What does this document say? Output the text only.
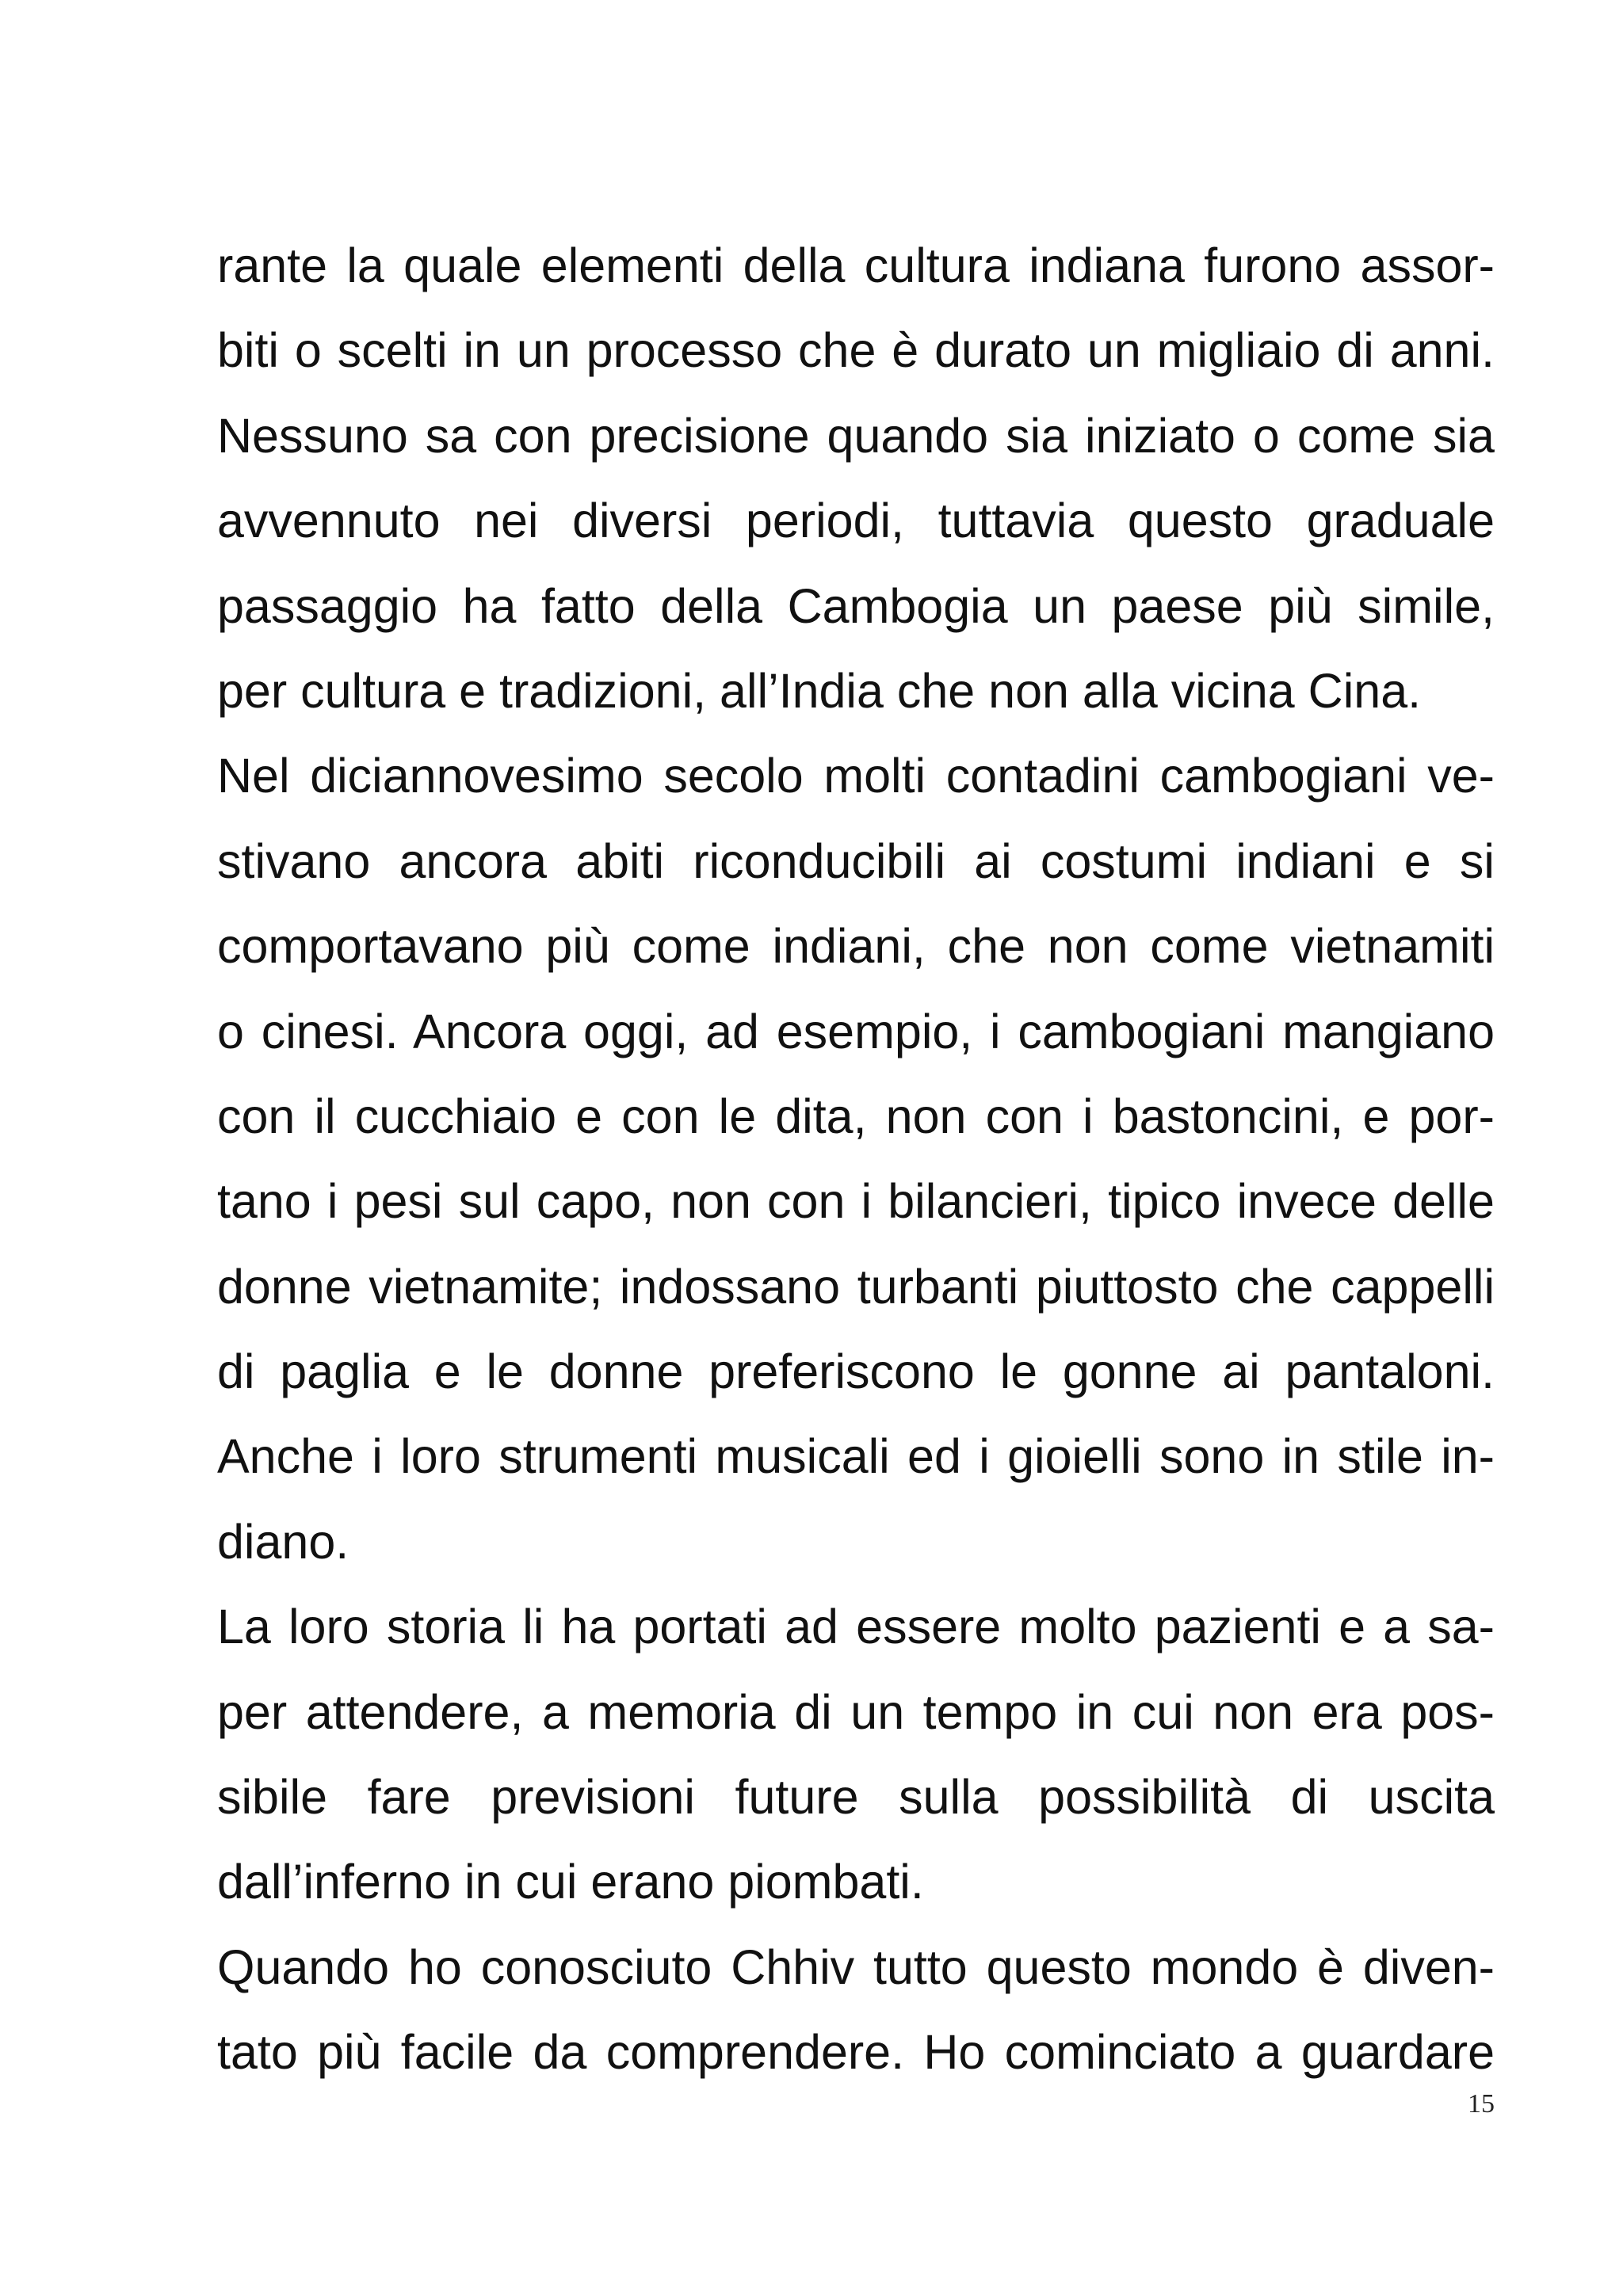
rante la quale elementi della cultura indiana furono assor-
biti o scelti in un processo che è durato un migliaio di anni.
Nessuno sa con precisione quando sia iniziato o come sia
avvennuto nei diversi periodi, tuttavia questo graduale
passaggio ha fatto della Cambogia un paese più simile,
per cultura e tradizioni, all’India che non alla vicina Cina.
Nel diciannovesimo secolo molti contadini cambogiani ve-
stivano ancora abiti riconducibili ai costumi indiani e si
comportavano più come indiani, che non come vietnamiti
o cinesi. Ancora oggi, ad esempio, i cambogiani mangiano
con il cucchiaio e con le dita, non con i bastoncini, e por-
tano i pesi sul capo, non con i bilancieri, tipico invece delle
donne vietnamite; indossano turbanti piuttosto che cappelli
di paglia e le donne preferiscono le gonne ai pantaloni.
Anche i loro strumenti musicali ed i gioielli sono in stile in-
diano.
La loro storia li ha portati ad essere molto pazienti e a sa-
per attendere, a memoria di un tempo in cui non era pos-
sibile fare previsioni future sulla possibilità di uscita
dall’inferno in cui erano piombati.
Quando ho conosciuto Chhiv tutto questo mondo è diven-
tato più facile da comprendere. Ho cominciato a guardare
15
